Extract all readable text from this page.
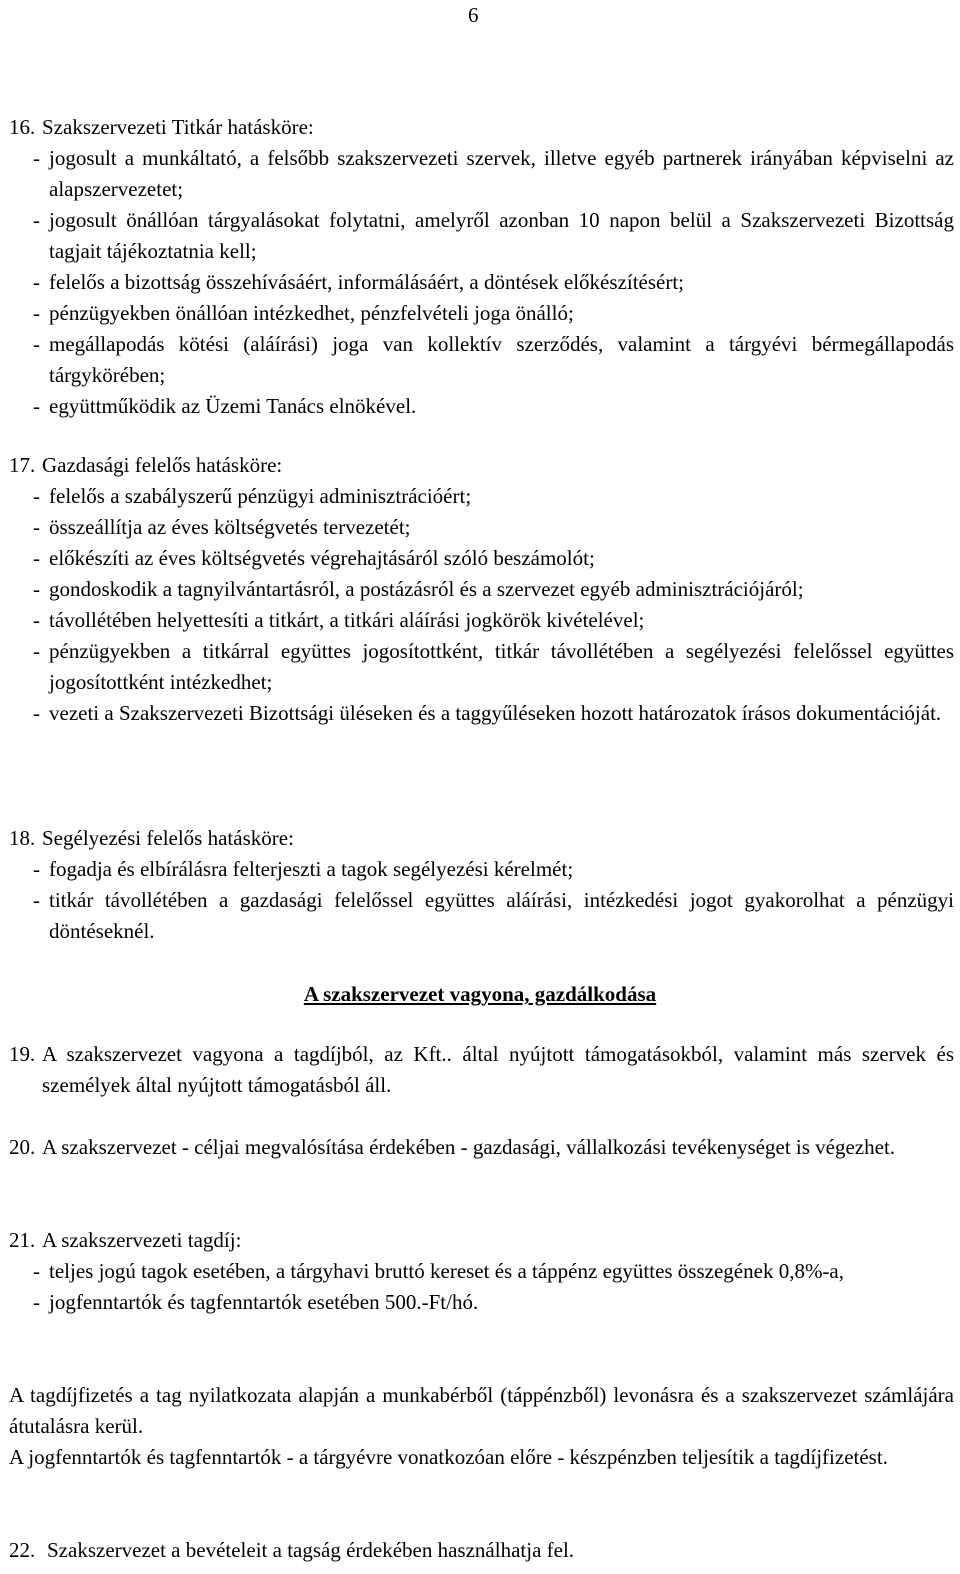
6
16. Szakszervezeti Titkár hatásköre:
- jogosult a munkáltató, a felsőbb szakszervezeti szervek, illetve egyéb partnerek irányában képviselni az alapszervezetet;
- jogosult önállóan tárgyalásokat folytatni, amelyről azonban 10 napon belül a Szakszervezeti Bizottság tagjait tájékoztatnia kell;
- felelős a bizottság összehívásáért, informálásáért, a döntések előkészítésért;
- pénzügyekben önállóan intézkedhet, pénzfelvételi joga önálló;
- megállapodás kötési (aláírási) joga van kollektív szerződés, valamint a tárgyévi bérmegállapodás tárgykörében;
- együttműködik az Üzemi Tanács elnökével.
17. Gazdasági felelős hatásköre:
- felelős a szabályszerű pénzügyi adminisztrációért;
- összeállítja az éves költségvetés tervezetét;
- előkészíti az éves költségvetés végrehajtásáról szóló beszámolót;
- gondoskodik a tagnyilvántartásról, a postázásról és a szervezet egyéb adminisztrációjáról;
- távollétében helyettesíti a titkárt, a titkári aláírási jogkörök kivételével;
- pénzügyekben a titkárral együttes jogosítottként, titkár távollétében a segélyezési felelőssel együttes jogosítottként intézkedhet;
- vezeti a Szakszervezeti Bizottsági üléseken és a taggyűléseken hozott határozatok írásos dokumentációját.
18. Segélyezési felelős hatásköre:
- fogadja és elbírálásra felterjeszti a tagok segélyezési kérelmét;
- titkár távollétében a gazdasági felelőssel együttes aláírási, intézkedési jogot gyakorolhat a pénzügyi döntéseknél.
A szakszervezet vagyona, gazdálkodása
19. A szakszervezet vagyona a tagdíjból, az Kft.. által nyújtott támogatásokból, valamint más szervek és személyek által nyújtott támogatásból áll.
20. A szakszervezet - céljai megvalósítása érdekében - gazdasági, vállalkozási tevékenységet is végezhet.
21. A szakszervezeti tagdíj:
- teljes jogú tagok esetében, a tárgyhavi bruttó kereset és a táppénz együttes összegének 0,8%-a,
- jogfenntartók és tagfenntartók esetében 500.-Ft/hó.
A tagdíjfizetés a tag nyilatkozata alapján a munkabérből (táppénzből) levonásra és a szakszervezet számlájára átutalásra kerül.
A jogfenntartók és tagfenntartók - a tárgyévre vonatkozóan előre - készpénzben teljesítik a tagdíjfizetést.
22. Szakszervezet a bevételeit a tagság érdekében használhatja fel.
